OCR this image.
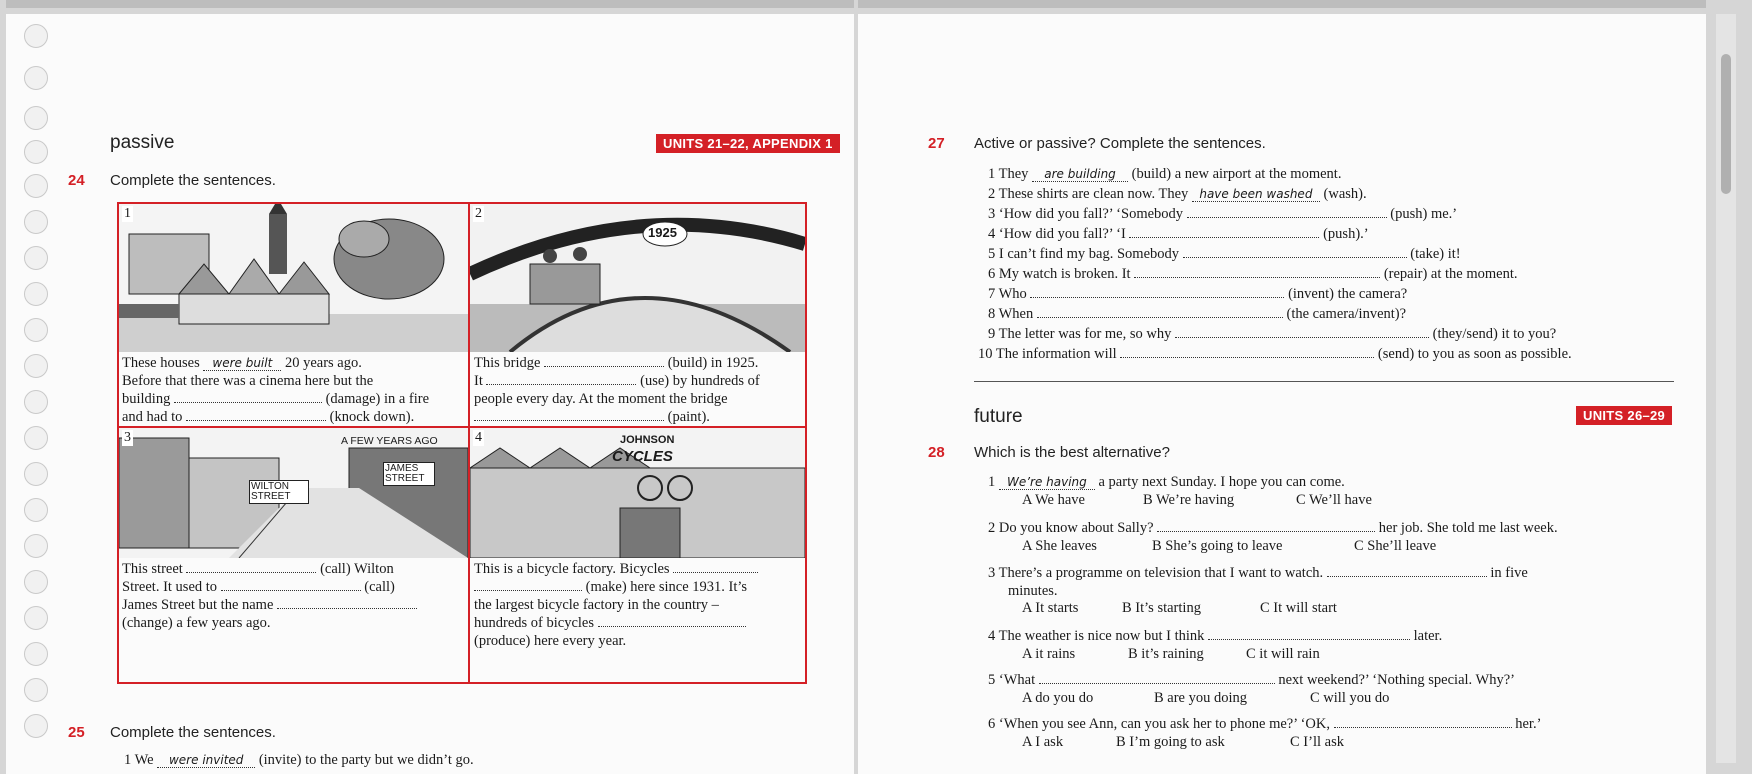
passive	UNITS 21–22, APPENDIX 1
24 Complete the sentences.
1	2
1925
3	A FEW YEARS AGO
JAMES STREET
WILTON STREET
4	JOHNSON
CYCLES
These houses were built 20 years ago.
Before that there was a cinema here but the
building	(damage) in a fire
and had to	(knock down).
This bridge	(build) in 1925.
It	(use) by hundreds of
people every day. At the moment the bridge
(paint).
This street	(call) Wilton
Street. It used to	(call)
James Street but the name
(change) a few years ago.
This is a bicycle factory. Bicycles
(make) here since 1931. It’s
the largest bicycle factory in the country –
hundreds of bicycles
(produce) here every year.
25 Complete the sentences.
1 We were invited (invite) to the party but we didn’t go.
27 Active or passive? Complete the sentences.
1 They are building (build) a new airport at the moment.
2 These shirts are clean now. They have been washed (wash).
3 ‘How did you fall?’ ‘Somebody	(push) me.’
4 ‘How did you fall?’ ‘I	(push).’
5 I can’t find my bag. Somebody	(take) it!
6 My watch is broken. It	(repair) at the moment.
7 Who	(invent) the camera?
8 When	(the camera/invent)?
9 The letter was for me, so why	(they/send) it to you?
10 The information will	(send) to you as soon as possible.
future	UNITS 26–29
28 Which is the best alternative?
1 We’re having a party next Sunday. I hope you can come.
A We have	B We’re having	C We’ll have
2 Do you know about Sally?	her job. She told me last week.
A She leaves	B She’s going to leave	C She’ll leave
3 There’s a programme on television that I want to watch.	in five
minutes.
A It starts	B It’s starting	C It will start
4 The weather is nice now but I think	later.
A it rains	B it’s raining	C it will rain
5 ‘What	next weekend?’ ‘Nothing special. Why?’
A do you do	B are you doing	C will you do
6 ‘When you see Ann, can you ask her to phone me?’ ‘OK,	her.’
A I ask	B I’m going to ask	C I’ll ask
